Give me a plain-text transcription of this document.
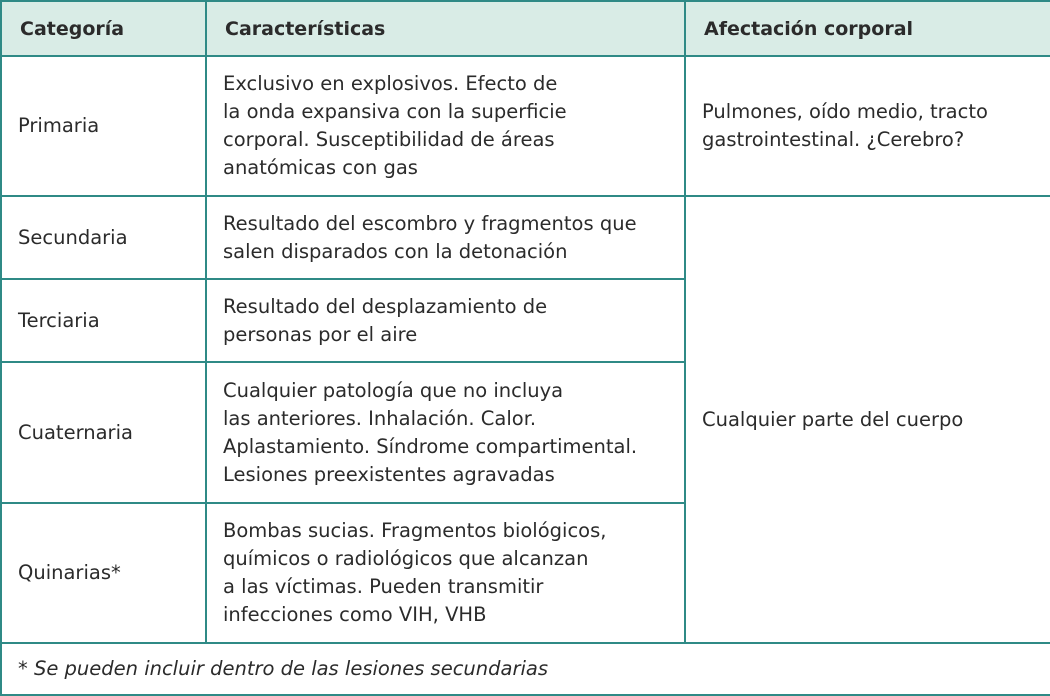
Categoría	Características	Afectación corporal
Primaria	Exclusivo en explosivos. Efecto de
la onda expansiva con la superficie
corporal. Susceptibilidad de áreas
anatómicas con gas	Pulmones, oído medio, tracto
gastrointestinal. ¿Cerebro?

Secundaria	Resultado del escombro y fragmentos que
salen disparados con la detonación	Cualquier parte del cuerpo

Terciaria	Resultado del desplazamiento de
personas por el aire	

Cuaternaria	Cualquier patología que no incluya
las anteriores. Inhalación. Calor.
Aplastamiento. Síndrome compartimental.
Lesiones preexistentes agravadas	

Quinarias*	Bombas sucias. Fragmentos biológicos,
químicos o radiológicos que alcanzan
a las víctimas. Pueden transmitir
infecciones como VIH, VHB	

* Se pueden incluir dentro de las lesiones secundarias		
